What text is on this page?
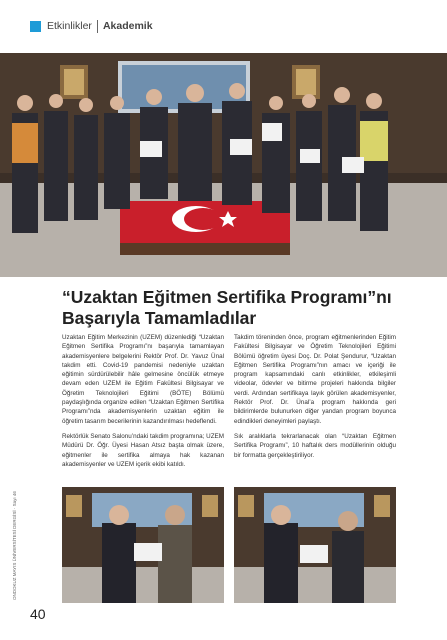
Etkinlikler Akademik
“Uzaktan Eğitmen Sertifika Programı”nı
Başarıyla Tamamladılar

Uzaktan Eğitim Merkezinin (UZEM) düzenlediği “Uzaktan Eğitmen Sertifika Programı”nı başarıyla tamamlayan akademisyenlere belgelerini Rektör Prof. Dr. Yavuz Ünal takdim etti. Covid-19 pandemisi nedeniyle uzaktan eğitimin sürdürülebilir hâle gelmesine öncülük etmeye devam eden UZEM ile Eğitim Fakültesi Bilgisayar ve Öğretim Teknolojileri Eğitimi (BÖTE) Bölümü paydaşlığında organize edilen “Uzaktan Eğitmen Sertifika Programı”nda akademisyenlerin uzaktan eğitim ile öğretim tasarım becerilerinin kazandırılması hedeflendi.

Rektörlük Senato Salonu’ndaki takdim programına; UZEM Müdürü Dr. Öğr. Üyesi Hasan Atsız başta olmak üzere, eğitmenler ile sertifika almaya hak kazanan akademisyenler ve UZEM içerik ekibi katıldı.

Takdim töreninden önce, program eğitmenlerinden Eğitim Fakültesi Bilgisayar ve Öğretim Teknolojileri Eğitimi Bölümü öğretim üyesi Doç. Dr. Polat Şendurur, “Uzaktan Eğitmen Sertifika Programı”nın amacı ve içeriği ile program kapsamındaki canlı etkinlikler, etkileşimli videolar, ödevler ve bitirme projeleri hakkında bilgiler verdi. Ardından sertifikaya layık görülen akademisyenler, Rektör Prof. Dr. Ünal’a program hakkında geri bildirimlerde bulunurken diğer yandan program boyunca edindikleri deneyimleri paylaştı.

Sık aralıklarla tekrarlanacak olan “Uzaktan Eğitmen Sertifika Programı”, 10 haftalık ders modüllerinin olduğu bir formatta gerçekleştiriliyor.

ONDOKUZ MAYIS ÜNİVERSİTESİ DERGİSİ · Sayı 46
40
